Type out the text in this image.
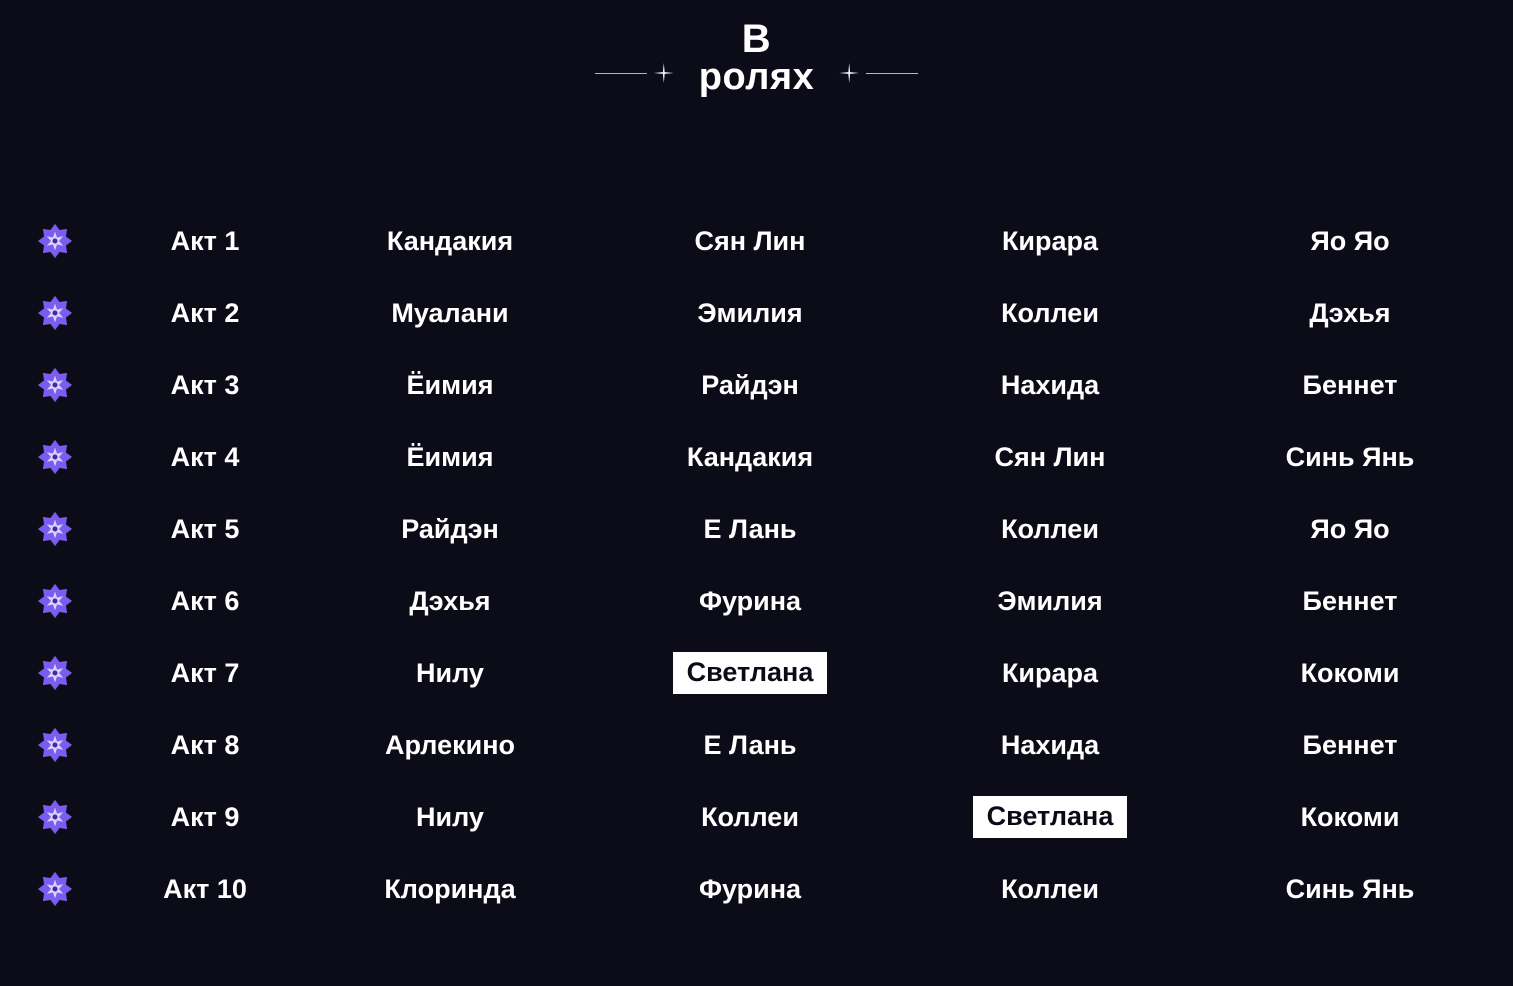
В
ролях
Акт 1	Кандакия	Сян Лин	Кирара	Яо Яо
Акт 2	Муалани	Эмилия	Коллеи	Дэхья
Акт 3	Ёимия	Райдэн	Нахида	Беннет
Акт 4	Ёимия	Кандакия	Сян Лин	Синь Янь
Акт 5	Райдэн	Е Лань	Коллеи	Яо Яо
Акт 6	Дэхья	Фурина	Эмилия	Беннет
Акт 7	Нилу	Светлана	Кирара	Кокоми
Акт 8	Арлекино	Е Лань	Нахида	Беннет
Акт 9	Нилу	Коллеи	Светлана	Кокоми
Акт 10	Клоринда	Фурина	Коллеи	Синь Янь
